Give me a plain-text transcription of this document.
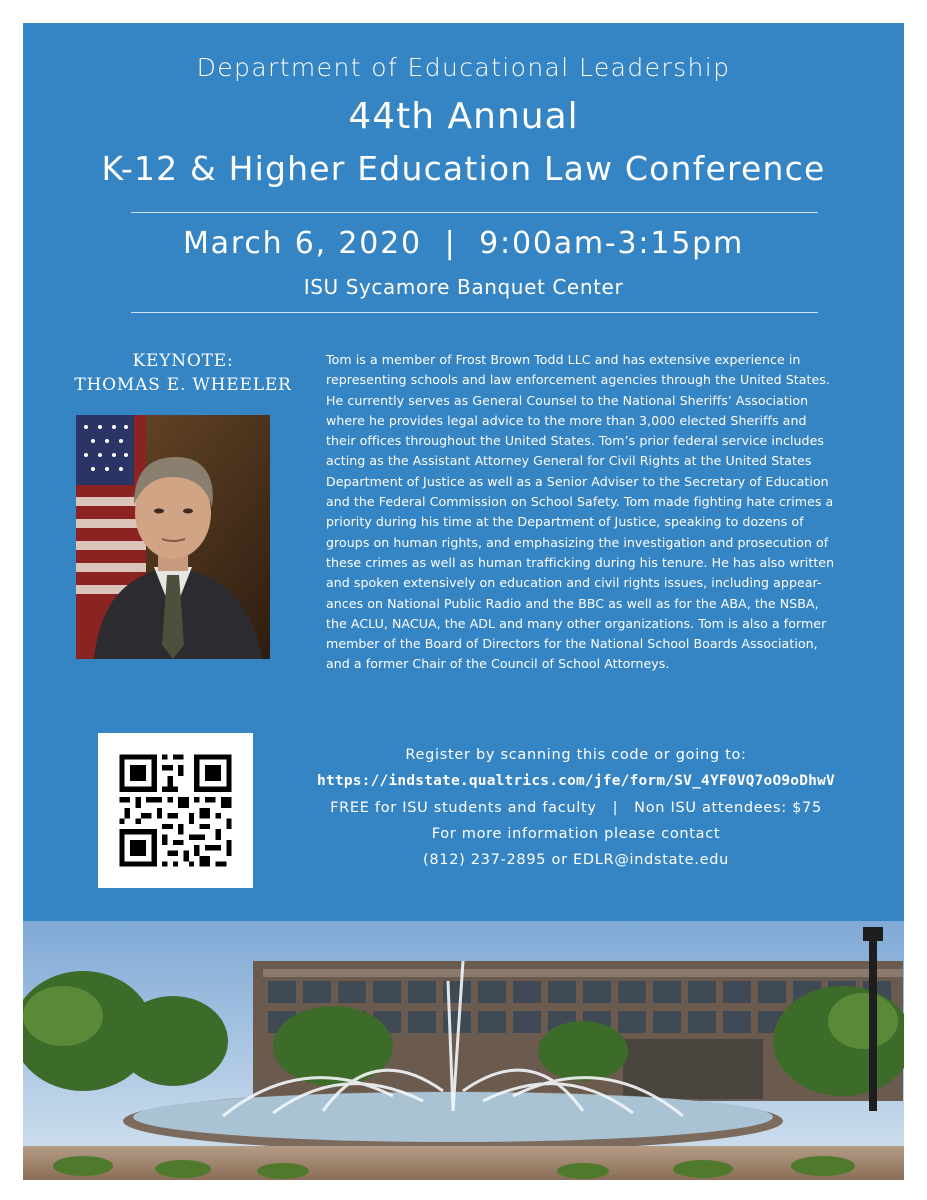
Department of Educational Leadership
44th Annual
K-12 & Higher Education Law Conference
March 6, 2020  |  9:00am-3:15pm
ISU Sycamore Banquet Center
KEYNOTE:
THOMAS E. WHEELER
Tom is a member of Frost Brown Todd LLC and has extensive experience in
representing schools and law enforcement agencies through the United States.
He currently serves as General Counsel to the National Sheriffs’ Association
where he provides legal advice to the more than 3,000 elected Sheriffs and
their offices throughout the United States. Tom’s prior federal service includes
acting as the Assistant Attorney General for Civil Rights at the United States
Department of Justice as well as a Senior Adviser to the Secretary of Education
and the Federal Commission on School Safety. Tom made fighting hate crimes a
priority during his time at the Department of Justice, speaking to dozens of
groups on human rights, and emphasizing the investigation and prosecution of
these crimes as well as human trafficking during his tenure. He has also written
and spoken extensively on education and civil rights issues, including appear-
ances on National Public Radio and the BBC as well as for the ABA, the NSBA,
the ACLU, NACUA, the ADL and many other organizations. Tom is also a former
member of the Board of Directors for the National School Boards Association,
and a former Chair of the Council of School Attorneys.
Register by scanning this code or going to:
https://indstate.qualtrics.com/jfe/form/SV_4YF0VQ7oO9oDhwV
FREE for ISU students and faculty   |   Non ISU attendees: $75
For more information please contact
(812) 237-2895 or EDLR@indstate.edu
